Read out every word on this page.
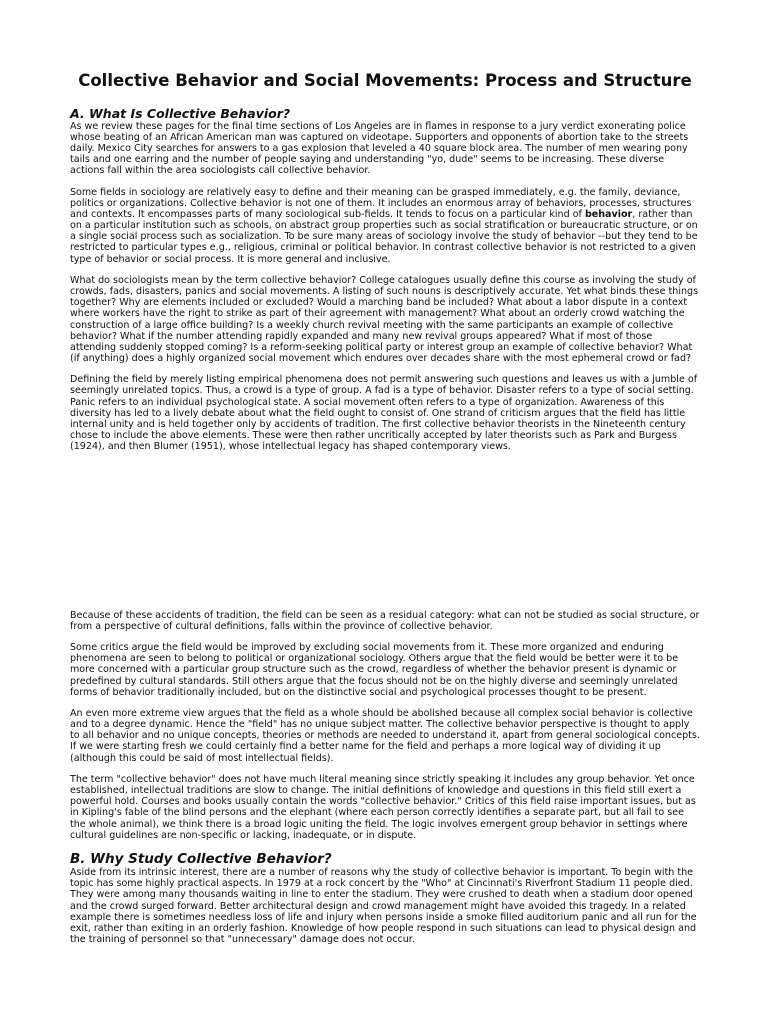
Collective Behavior and Social Movements: Process and Structure
A. What Is Collective Behavior?

As we review these pages for the final time sections of Los Angeles are in flames in response to a jury verdict exonerating police whose beating of an African American man was captured on videotape. Supporters and opponents of abortion take to the streets daily. Mexico City searches for answers to a gas explosion that leveled a 40 square block area. The number of men wearing pony tails and one earring and the number of people saying and understanding "yo, dude" seems to be increasing. These diverse actions fall within the area sociologists call collective behavior.

Some fields in sociology are relatively easy to define and their meaning can be grasped immediately, e.g. the family, deviance, politics or organizations. Collective behavior is not one of them. It includes an enormous array of behaviors, processes, structures and contexts. It encompasses parts of many sociological sub-fields. It tends to focus on a particular kind of behavior, rather than on a particular institution such as schools, on abstract group properties such as social stratification or bureaucratic structure, or on a single social process such as socialization. To be sure many areas of sociology involve the study of behavior --but they tend to be restricted to particular types e.g., religious, criminal or political behavior. In contrast collective behavior is not restricted to a given type of behavior or social process. It is more general and inclusive.

What do sociologists mean by the term collective behavior? College catalogues usually define this course as involving the study of crowds, fads, disasters, panics and social movements. A listing of such nouns is descriptively accurate. Yet what binds these things together? Why are elements included or excluded? Would a marching band be included? What about a labor dispute in a context where workers have the right to strike as part of their agreement with management? What about an orderly crowd watching the construction of a large office building? Is a weekly church revival meeting with the same participants an example of collective behavior? What if the number attending rapidly expanded and many new revival groups appeared? What if most of those attending suddenly stopped coming? Is a reform-seeking political party or interest group an example of collective behavior? What (if anything) does a highly organized social movement which endures over decades share with the most ephemeral crowd or fad?

Defining the field by merely listing empirical phenomena does not permit answering such questions and leaves us with a jumble of seemingly unrelated topics. Thus, a crowd is a type of group. A fad is a type of behavior. Disaster refers to a type of social setting. Panic refers to an individual psychological state. A social movement often refers to a type of organization. Awareness of this diversity has led to a lively debate about what the field ought to consist of. One strand of criticism argues that the field has little internal unity and is held together only by accidents of tradition. The first collective behavior theorists in the Nineteenth century chose to include the above elements. These were then rather uncritically accepted by later theorists such as Park and Burgess (1924), and then Blumer (1951), whose intellectual legacy has shaped contemporary views.

Because of these accidents of tradition, the field can be seen as a residual category: what can not be studied as social structure, or from a perspective of cultural definitions, falls within the province of collective behavior.

Some critics argue the field would be improved by excluding social movements from it. These more organized and enduring phenomena are seen to belong to political or organizational sociology. Others argue that the field would be better were it to be more concerned with a particular group structure such as the crowd, regardless of whether the behavior present is dynamic or predefined by cultural standards. Still others argue that the focus should not be on the highly diverse and seemingly unrelated forms of behavior traditionally included, but on the distinctive social and psychological processes thought to be present.

An even more extreme view argues that the field as a whole should be abolished because all complex social behavior is collective and to a degree dynamic. Hence the "field" has no unique subject matter. The collective behavior perspective is thought to apply to all behavior and no unique concepts, theories or methods are needed to understand it, apart from general sociological concepts. If we were starting fresh we could certainly find a better name for the field and perhaps a more logical way of dividing it up (although this could be said of most intellectual fields).

The term "collective behavior" does not have much literal meaning since strictly speaking it includes any group behavior. Yet once established, intellectual traditions are slow to change. The initial definitions of knowledge and questions in this field still exert a powerful hold. Courses and books usually contain the words "collective behavior." Critics of this field raise important issues, but as in Kipling's fable of the blind persons and the elephant (where each person correctly identifies a separate part, but all fail to see the whole animal), we think there is a broad logic uniting the field. The logic involves emergent group behavior in settings where cultural guidelines are non-specific or lacking, inadequate, or in dispute.

B. Why Study Collective Behavior?

Aside from its intrinsic interest, there are a number of reasons why the study of collective behavior is important. To begin with the topic has some highly practical aspects. In 1979 at a rock concert by the "Who" at Cincinnati's Riverfront Stadium 11 people died. They were among many thousands waiting in line to enter the stadium. They were crushed to death when a stadium door opened and the crowd surged forward. Better architectural design and crowd management might have avoided this tragedy. In a related example there is sometimes needless loss of life and injury when persons inside a smoke filled auditorium panic and all run for the exit, rather than exiting in an orderly fashion. Knowledge of how people respond in such situations can lead to physical design and the training of personnel so that "unnecessary" damage does not occur.
